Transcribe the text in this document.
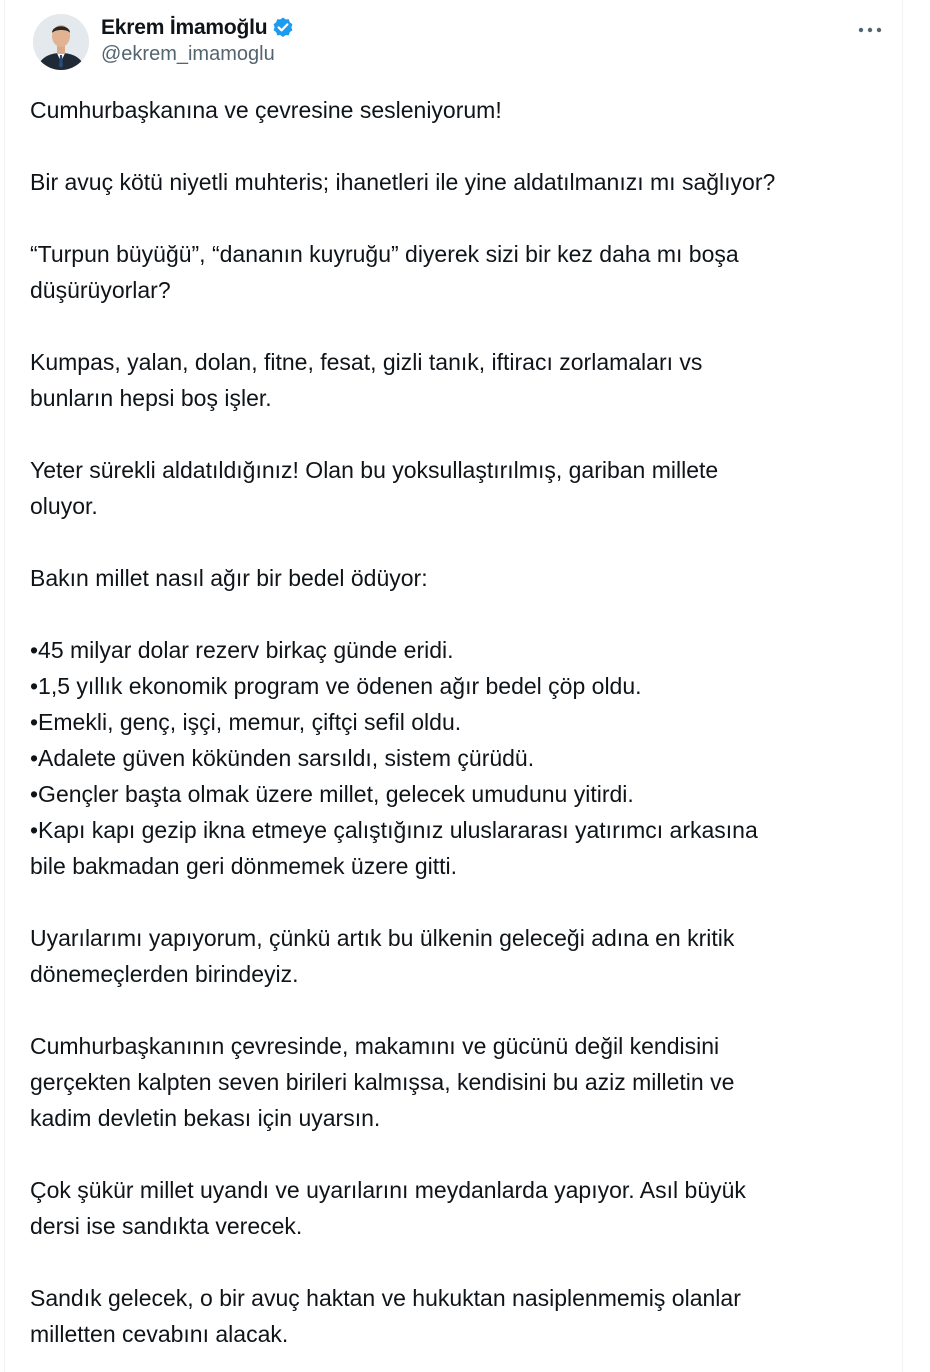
Ekrem İmamoğlu
@ekrem_imamoglu
Cumhurbaşkanına ve çevresine sesleniyorum!
Bir avuç kötü niyetli muhteris; ihanetleri ile yine aldatılmanızı mı sağlıyor?
“Turpun büyüğü”, “dananın kuyruğu” diyerek sizi bir kez daha mı boşa
düşürüyorlar?
Kumpas, yalan, dolan, fitne, fesat, gizli tanık, iftiracı zorlamaları vs
bunların hepsi boş işler.
Yeter sürekli aldatıldığınız! Olan bu yoksullaştırılmış, gariban millete
oluyor.
Bakın millet nasıl ağır bir bedel ödüyor:
•45 milyar dolar rezerv birkaç günde eridi.
•1,5 yıllık ekonomik program ve ödenen ağır bedel çöp oldu.
•Emekli, genç, işçi, memur, çiftçi sefil oldu.
•Adalete güven kökünden sarsıldı, sistem çürüdü.
•Gençler başta olmak üzere millet, gelecek umudunu yitirdi.
•Kapı kapı gezip ikna etmeye çalıştığınız uluslararası yatırımcı arkasına
bile bakmadan geri dönmemek üzere gitti.
Uyarılarımı yapıyorum, çünkü artık bu ülkenin geleceği adına en kritik
dönemeçlerden birindeyiz.
Cumhurbaşkanının çevresinde, makamını ve gücünü değil kendisini
gerçekten kalpten seven birileri kalmışsa, kendisini bu aziz milletin ve
kadim devletin bekası için uyarsın.
Çok şükür millet uyandı ve uyarılarını meydanlarda yapıyor. Asıl büyük
dersi ise sandıkta verecek.
Sandık gelecek, o bir avuç haktan ve hukuktan nasiplenmemiş olanlar
milletten cevabını alacak.
